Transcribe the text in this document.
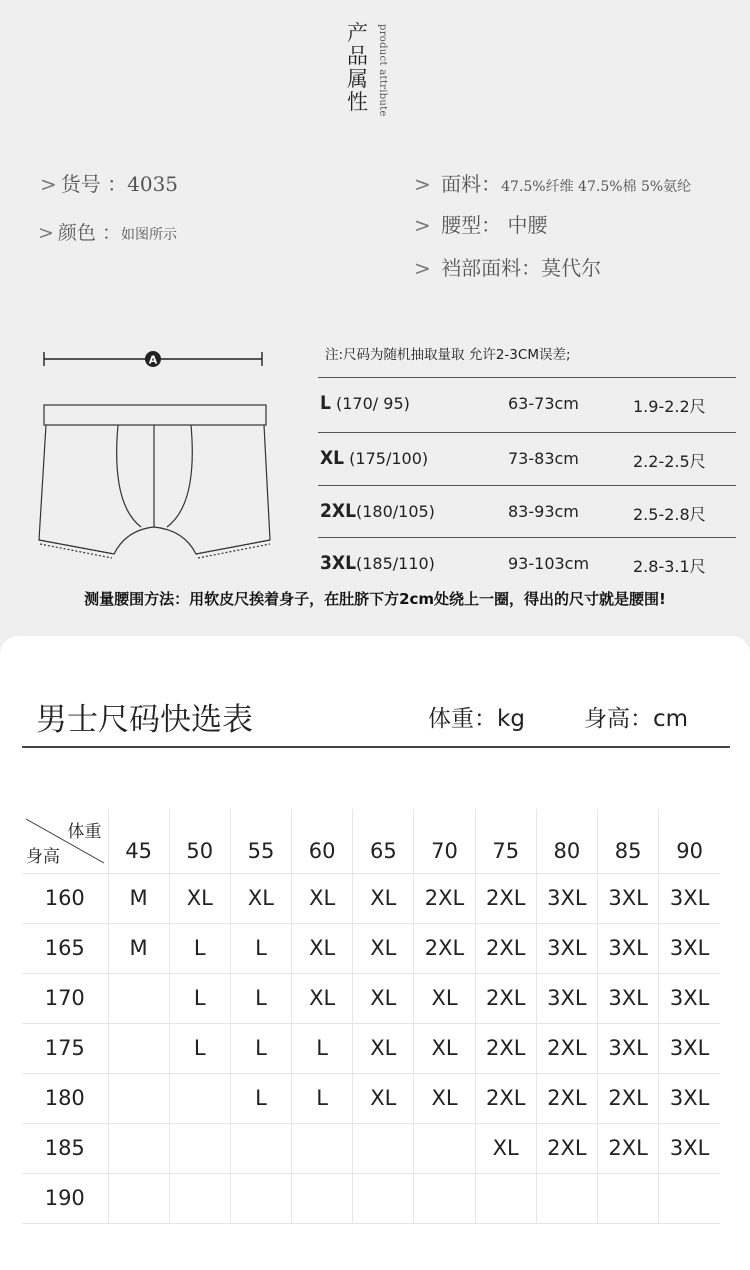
产品属性 product attribute
> 货号 ：4035
> 颜色 ：如图所示
> 面料：47.5%纤维 47.5%棉 5%氨纶
> 腰型： 中腰
> 裆部面料：莫代尔
A	注:尺码为随机抽取量取 允许2-3CM误差;
L (170/ 95)	63-73cm	1.9-2.2尺
XL (175/100)	73-83cm	2.2-2.5尺
2XL(180/105)	83-93cm	2.5-2.8尺
3XL(185/110)	93-103cm	2.8-3.1尺
测量腰围方法：用软皮尺挨着身子，在肚脐下方2cm处绕上一圈，得出的尺寸就是腰围!
男士尺码快选表	体重：kg	身高：cm
体重
身高	45	50	55	60	65	70	75	80	85	90
160	M	XL	XL	XL	XL	2XL	2XL	3XL	3XL	3XL
165	M	L	L	XL	XL	2XL	2XL	3XL	3XL	3XL
170		L	L	XL	XL	XL	2XL	3XL	3XL	3XL
175		L	L	L	XL	XL	2XL	2XL	3XL	3XL
180			L	L	XL	XL	2XL	2XL	2XL	3XL
185							XL	2XL	2XL	3XL
190										
